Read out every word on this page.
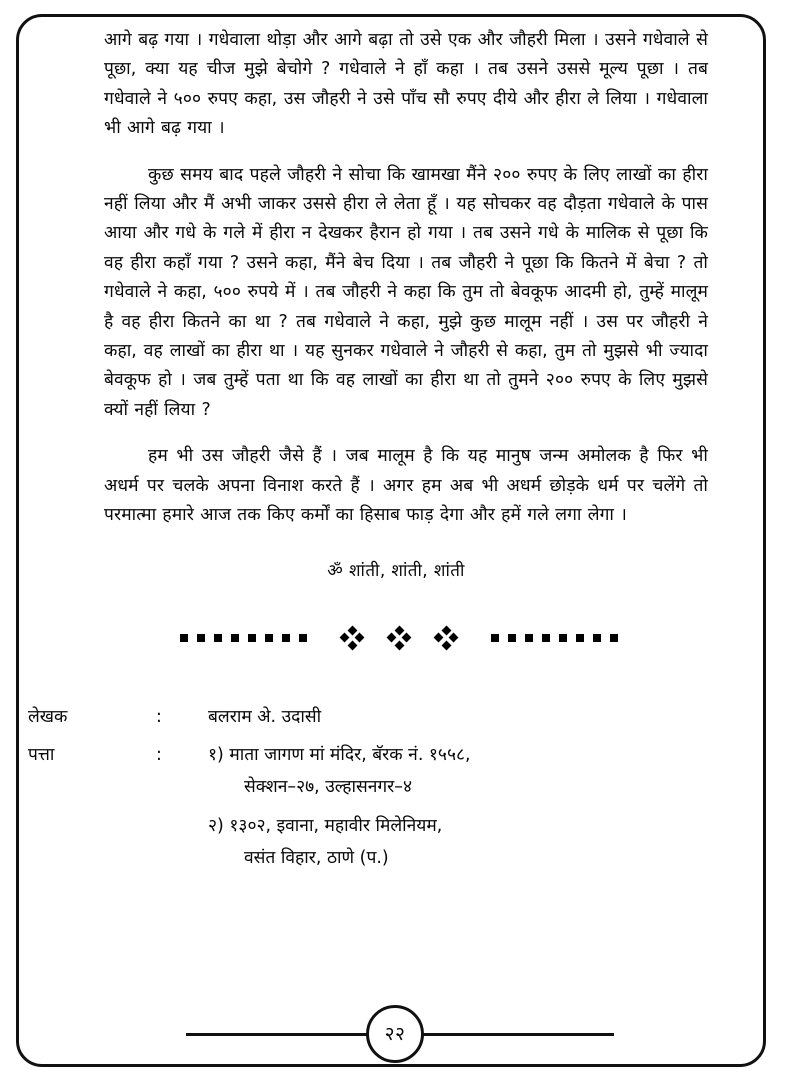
आगे बढ़ गया । गधेवाला थोड़ा और आगे बढ़ा तो उसे एक और जौहरी मिला । उसने गधेवाले से पूछा, क्या यह चीज मुझे बेचोगे ? गधेवाले ने हाँ कहा । तब उसने उससे मूल्य पूछा । तब गधेवाले ने ५०० रुपए कहा, उस जौहरी ने उसे पाँच सौ रुपए दीये और हीरा ले लिया । गधेवाला भी आगे बढ़ गया ।

कुछ समय बाद पहले जौहरी ने सोचा कि खामखा मैंने २०० रुपए के लिए लाखों का हीरा नहीं लिया और मैं अभी जाकर उससे हीरा ले लेता हूँ । यह सोचकर वह दौड़ता गधेवाले के पास आया और गधे के गले में हीरा न देखकर हैरान हो गया । तब उसने गधे के मालिक से पूछा कि वह हीरा कहाँ गया ? उसने कहा, मैंने बेच दिया । तब जौहरी ने पूछा कि कितने में बेचा ? तो गधेवाले ने कहा, ५०० रुपये में । तब जौहरी ने कहा कि तुम तो बेवकूफ आदमी हो, तुम्हें मालूम है वह हीरा कितने का था ? तब गधेवाले ने कहा, मुझे कुछ मालूम नहीं । उस पर जौहरी ने कहा, वह लाखों का हीरा था । यह सुनकर गधेवाले ने जौहरी से कहा, तुम तो मुझसे भी ज्यादा बेवकूफ हो । जब तुम्हें पता था कि वह लाखों का हीरा था तो तुमने २०० रुपए के लिए मुझसे क्यों नहीं लिया ?

हम भी उस जौहरी जैसे हैं । जब मालूम है कि यह मानुष जन्म अमोलक है फिर भी अधर्म पर चलके अपना विनाश करते हैं । अगर हम अब भी अधर्म छोड़के धर्म पर चलेंगे तो परमात्मा हमारे आज तक किए कर्मों का हिसाब फाड़ देगा और हमें गले लगा लेगा ।

ॐ शांती, शांती, शांती
लेखक	:	बलराम अे. उदासी
पत्ता	:	१) माता जागण मां मंदिर, बॅरक नं. १५५८,
सेक्शन–२७, उल्हासनगर–४
२) १३०२, इवाना, महावीर मिलेनियम,
वसंत विहार, ठाणे (प.)
२२
